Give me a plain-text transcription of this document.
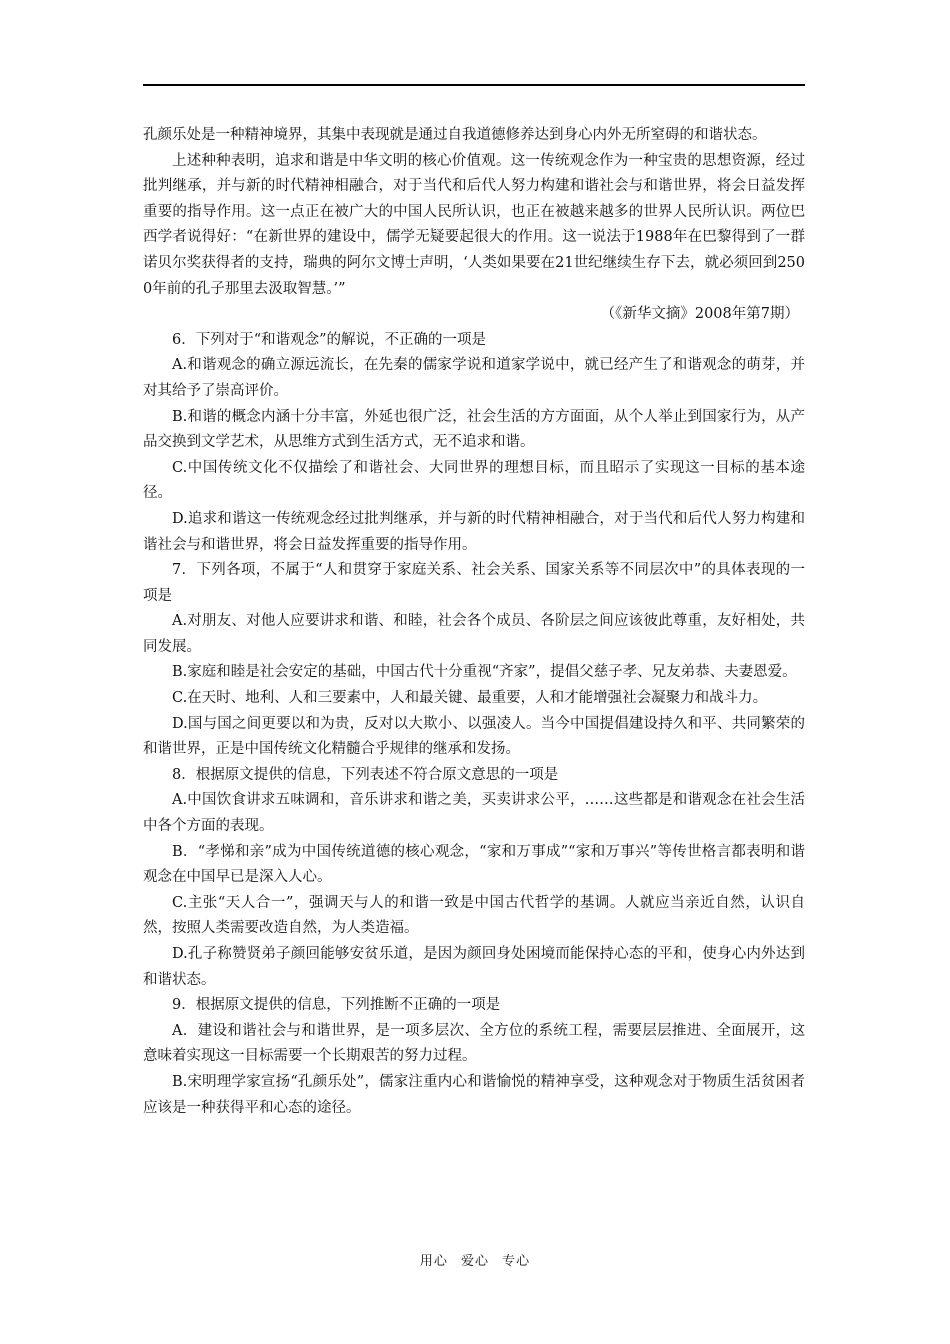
孔颜乐处是一种精神境界，其集中表现就是通过自我道德修养达到身心内外无所窒碍的和谐状态。

上述种种表明，追求和谐是中华文明的核心价值观。这一传统观念作为一种宝贵的思想资源，经过批判继承，并与新的时代精神相融合，对于当代和后代人努力构建和谐社会与和谐世界，将会日益发挥重要的指导作用。这一点正在被广大的中国人民所认识，也正在被越来越多的世界人民所认识。两位巴西学者说得好：“在新世界的建设中，儒学无疑要起很大的作用。这一说法于1988年在巴黎得到了一群诺贝尔奖获得者的支持，瑞典的阿尔文博士声明，‘人类如果要在21世纪继续生存下去，就必须回到2500年前的孔子那里去汲取智慧。’”

（《新华文摘》2008年第7期）

6．下列对于“和谐观念”的解说，不正确的一项是

A.和谐观念的确立源远流长，在先秦的儒家学说和道家学说中，就已经产生了和谐观念的萌芽，并对其给予了崇高评价。

B.和谐的概念内涵十分丰富，外延也很广泛，社会生活的方方面面，从个人举止到国家行为，从产品交换到文学艺术，从思维方式到生活方式，无不追求和谐。

C.中国传统文化不仅描绘了和谐社会、大同世界的理想目标，而且昭示了实现这一目标的基本途径。

D.追求和谐这一传统观念经过批判继承，并与新的时代精神相融合，对于当代和后代人努力构建和谐社会与和谐世界，将会日益发挥重要的指导作用。

7．下列各项，不属于“人和贯穿于家庭关系、社会关系、国家关系等不同层次中”的具体表现的一项是

A.对朋友、对他人应要讲求和谐、和睦，社会各个成员、各阶层之间应该彼此尊重，友好相处，共同发展。

B.家庭和睦是社会安定的基础，中国古代十分重视“齐家”，提倡父慈子孝、兄友弟恭、夫妻恩爱。

C.在天时、地利、人和三要素中，人和最关键、最重要，人和才能增强社会凝聚力和战斗力。

D.国与国之间更要以和为贵，反对以大欺小、以强凌人。当今中国提倡建设持久和平、共同繁荣的和谐世界，正是中国传统文化精髓合乎规律的继承和发扬。

8．根据原文提供的信息，下列表述不符合原文意思的一项是

A.中国饮食讲求五味调和，音乐讲求和谐之美，买卖讲求公平，……这些都是和谐观念在社会生活中各个方面的表现。

B．“孝悌和亲”成为中国传统道德的核心观念，“家和万事成”“家和万事兴”等传世格言都表明和谐观念在中国早已是深入人心。

C.主张“天人合一”，强调天与人的和谐一致是中国古代哲学的基调。人就应当亲近自然，认识自然，按照人类需要改造自然，为人类造福。

D.孔子称赞贤弟子颜回能够安贫乐道，是因为颜回身处困境而能保持心态的平和，使身心内外达到和谐状态。

9．根据原文提供的信息，下列推断不正确的一项是

A．建设和谐社会与和谐世界，是一项多层次、全方位的系统工程，需要层层推进、全面展开，这意味着实现这一目标需要一个长期艰苦的努力过程。

B.宋明理学家宣扬“孔颜乐处”，儒家注重内心和谐愉悦的精神享受，这种观念对于物质生活贫困者应该是一种获得平和心态的途径。

用心 爱心 专心
